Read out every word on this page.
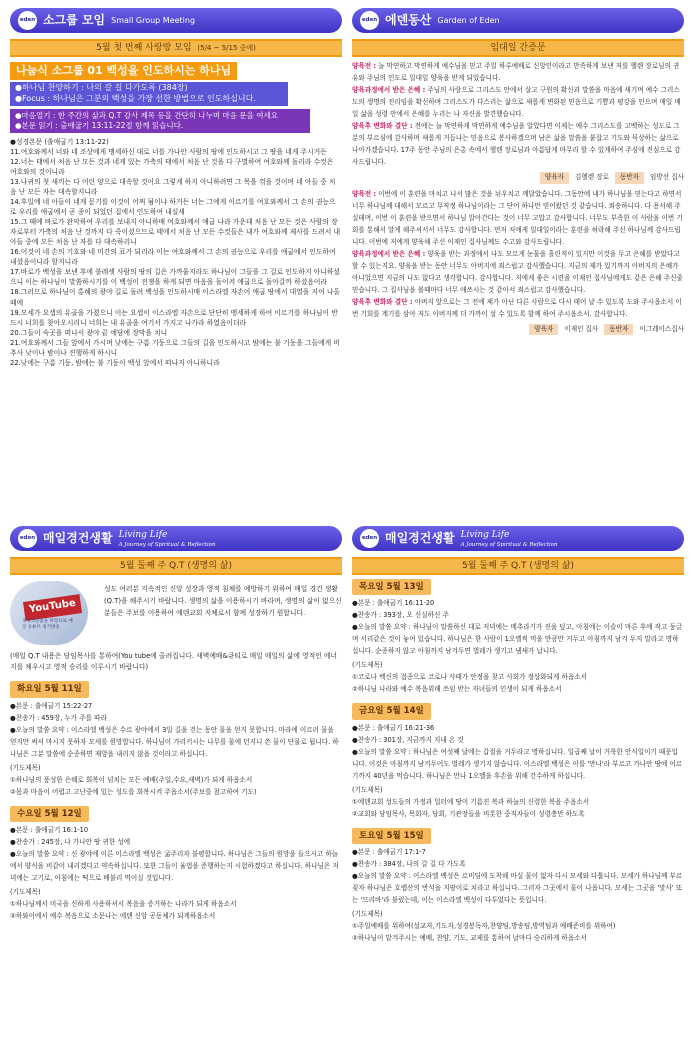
eden 소그룹 모임 Small Group Meeting
5월 첫 번째 사랑방 모임 (5/4 ~ 5/15 중에)
나눔식 소그룹 01 백성을 인도하시는 하나님
●하나님 찬양하기 : 나의 갈 길 다가도록 (384장)
●Focus : 하나님은 그분의 백성을 가장 선한 방법으로 인도하십니다.
●마음열기 : 한 주간의 삶과 Q.T 감사 제목 등을 간단히 나누며 마음 문을 여세요
●본문 읽기 : 출애굽기 13:11-22절 함께 읽습니다.

●성경본문 (출애굽기 13:11-22)

11.여호와께서 너와 네 조상에게 맹세하신 대로 너를 가나안 사람의 땅에 인도하시고 그 땅을 네게 주시거든

12.너는 태에서 처음 난 모든 것과 네게 있는 가축의 태에서 처음 난 것을 다 구별하여 여호와께 돌리라 수컷은 여호와의 것이니라

13.나귀의 첫 새끼는 다 어린 양으로 대속할 것이요 그렇게 하지 아니하려면 그 목을 꺾을 것이며 네 아들 중 처음 난 모든 자는 대속할지니라

14.후일에 네 아들이 네게 묻기를 이것이 어찌 됨이냐 하거든 너는 그에게 이르기를 여호와께서 그 손의 권능으로 우리를 애굽에서 곧 종이 되었던 집에서 인도하여 내실새

15.그 때에 바로가 완악하여 우리를 보내지 아니하매 여호와께서 애굽 나라 가운데 처음 난 모든 것은 사람의 장자로부터 가축의 처음 난 것까지 다 죽이셨으므로 태에서 처음 난 모든 수컷들은 내가 여호와께 제사를 드려서 내 아들 중에 모든 처음 난 자를 다 대속하리니

16.이것이 네 손의 기호와 네 미간의 표가 되리라 이는 여호와께서 그 손의 권능으로 우리를 애굽에서 인도하여 내셨음이니라 할지니라

17.바로가 백성을 보낸 후에 블레셋 사람의 땅의 길은 가까울지라도 하나님이 그들을 그 길로 인도하지 아니하셨으니 이는 하나님이 말씀하시기를 이 백성이 전쟁을 하게 되면 마음을 돌이켜 애굽으로 돌아갈까 하셨음이라

18.그러므로 하나님이 홍해의 광야 길로 돌려 백성을 인도하시매 이스라엘 자손이 애굽 땅에서 대열을 지어 나올 때에

19.모세가 요셉의 유골을 가졌으니 이는 요셉이 이스라엘 자손으로 단단히 맹세하게 하여 이르기를 하나님이 반드시 너희를 찾아오시리니 너희는 내 유골을 여기서 가지고 나가라 하였음이더라

20.그들이 숙곳을 떠나서 광야 끝 에담에 장막을 치니

21.여호와께서 그들 앞에서 가시며 낮에는 구름 기둥으로 그들의 길을 인도하시고 밤에는 불 기둥을 그들에게 비추사 낮이나 밤이나 진행하게 하시니

22.낮에는 구름 기둥, 밤에는 불 기둥이 백성 앞에서 떠나지 아니하니라

eden 에덴동산 Garden of Eden
임대일 간증문

양육전 : 늘 막연하고 막연하게 예수님을 믿고 주일 하루예배로 신앙인이라고 만족하게 보낸 저를 헬렌 장로님의 권유와 주님의 인도로 일대일 양육을 받게 되었습니다.

양육과정에서 받은 은혜 : 주님의 사랑으로 그리스도 안에서 살고 구원의 확신과 말씀을 마음에 새기며 예수 그리스도의 생명의 진리임을 확신하며 그리스도가 다스리는 삶으로 새롭게 변화된 믿음으로 기쁨과 평강을 인으며 매일 매일 삶을 성령 안에서 은혜를 누리는 나 자신을 발견했습니다.

양육후 변화와 결단 : 전에는 늘 막연하게 막연하게 예수님을 알았다면 이제는 예수 그리스도를 고백하는 성도로 그분의 부르심에 감사하며 새롭게 거듭나는 믿음으로 봉사하겠으며 남은 삶을 말씀을 붙잡고 기도와 묵상하는 삶으로 나아가겠습니다. 17주 동안 주님의 은총 속에서 헬렌 장로님과 아름답게 마무리 할 수 있게하여 주심에 진심으로 감사드립니다.

양육자	김헬렌 장로	동반자	임방선 집사

양육전 : 이번에 이 훈련을 마치고 나서 많은 것을 뉘우치고 깨달았습니다. 그동안에 내가 하나님을 믿는다고 하면서 너무 하나님께 대해서 모르고 무작정 하나님이라는 그 단어 하나만 믿어왔던 것 같습니다. 죄송하니다. 다 용서해 주실테며, 이번 이 훈련을 받으면서 하나님 알아간다는 것이 너무 고맙고 감사합니다. 너무도 부족한 이 사람을 이번 기회를 통해서 알게 해주셔서서 너무도 감사합니다. 먼저 저에게 일대일이라는 훈련을 허락해 주신 하나님께 감사드립니다. 이번에 저에게 양육해 주신 이재인 집사님께도 수고와 감사드립니다.

양육과정에서 받은 은혜 : 양육을 받는 과정에서 나도 모르게 눈물을 흘린적이 있지만 이것을 두고 은혜를 받았다고 할 수 있는지요. 양육을 받는 동안 너무도 아버지에 죄스럽고 감사했습니다. 지금의 제가 있기까지 아버지의 은혜가 아니었으면 지금의 나도 없다고 생각합니다. 감사합니다. 저에게 좋은 시련을 이재인 집사님에게도 같은 은혜 주신줄 믿습니다. 그 집사님을 볼때마다 너무 애쓰시는 것 같아서 죄스럽고 감사했습니다.

양육후 변화와 결단 : 아버지 앞으로는 그 전에 제가 아닌 다른 사람으로 다시 태어 날 수 있도록 도와 주시옵소서 이번 기회를 계기를 삼아 저도 아버지께 더 가까이 설 수 있도록 함께 하여 주시옵소서. 감사합니다.

양육자	이재인 집사	동반자	이그레이스집사
eden 매일경건생활 Living Life
A Journey of Spiritual & Reflection
5월 둘째 주 Q.T (생명의 삶)
YouTube
생명의말씀을 바탕으로 매일 유튜브 정기방송
성도 여러분 지속적인 신앙 성장과 영적 침체를 예방하기 위하여 매일 경건 생활(Q.T)을 해주시기 바랍니다. 생명의 삶을 이용하시기 바라며, 생명의 삶이 없으신 분들은 주보를 이용하여 에덴교회 지체로서 함께 성장하기 원합니다.
(매일 Q.T 내용은 담임목사를 통하여(You tube에 올려집니다. 새벽예배&큐티로 매일 매일의 삶에 영적인 에너지를 채우시고 영적 승리를 이루시기 바랍니다)
화요일 5월 11일
●본문 : 출애굽기 15:22-27
●찬송가 : 459장, 누가 주를 따라
●오늘의 말씀 요약 : 이스라엘 백성은 수르 광야에서 3일 길을 걷는 동안 물을 얻지 못합니다. 마라에 이르러 물을 얻지만 써서 마시지 못하자 모세를 원망합니다. 하나님이 가리키시는 나무를 물에 던지니 쓴 물이 단물로 됩니다. 하나님은 그분 말씀에 순종하면 재앙을 내리지 않을 것이라고 하십니다.
(기도제목)
①하나님의 풍성한 은혜로 회복이 넘치는 모든 예배(주일,수요,새벽)가 되게 하옵소서
②몸과 마음이 어렵고 고난중에 있는 성도를 회복시켜 주옵소서(주보를 참고하여 기도)
수요일 5월 12일
●본문 : 출애굽기 16:1-10
●찬송가 : 245장, 나 가나안 땅 귀한 성에
●오늘의 말씀 요약 : 신 광야에 이른 이스라엘 백성은 굶주리자 불평합니다. 하나님은 그들의 원망을 들으시고 하늘에서 양식을 비같이 내리겠다고 약속하십니다. 또한 그들이 율법을 준행하는지 시험하겠다고 하십니다. 하나님은 저녁에는 고기로, 아침에는 떡으로 배불리 먹이실 것입니다.
(기도제목)
①하나님께서 미국을 신하게 사용하셔서 복음을 증거하는 나라가 되게 하옵소서
②하와이에서 예수 복음으로 소문나는 에덴 신앙 공동체가 되게하옵소서
eden 매일경건생활 Living Life
A Journey of Spiritual & Reflection
5월 둘째 주 Q.T (생명의 삶)
목요일 5월 13일
●본문 : 출애굽기 16:11-20
●찬송가 : 393장, 오 신실하신 주
●오늘의 말씀 요약 : 하나님이 말씀하신 대로 저녁에는 메추라기가 진을 덮고, 아침에는 이슬이 마른 후에 작고 둥글며 서리같은 것이 놓여 있습니다. 하나님은 한 사람이 1오멜씩 먹을 만큼만 거두고 아침까지 남겨 두지 말라고 명하십니다. 순종하지 않고 아침까지 남겨두면 벌레가 생기고 냄새가 납니다.
(기도제목)
①코로나 백신의 접종으로 코로나 사태가 안정을 찾고 사회가 정상화되게 하옵소서
②하나님 나라와 예수 복음위해 쓰임 받는 자녀들의 인생이 되게 하옵소서
금요일 5월 14일
●본문 : 출애굽기 16:21-36
●찬송가 : 301장, 지금까지 지내 온 것
●오늘의 말씀 요약 : 하나님은 여섯째 날에는 갑절을 거두라고 명하십니다. 일곱째 날이 거룩한 안식일이기 때문입니다. 이것은 아침까지 남겨두어도 벌레가 생기지 않습니다. 이스라엘 백성은 이를 '만나'라 부르고 가나안 땅에 이르기까지 40년을 먹습니다. 하나님은 만나 1오멜을 후손을 위해 간수하게 하십니다.
(기도제목)
①에덴교회 성도들의 가정과 일터에 땅이 기름진 복과 하늘의 신령한 복을 주옵소서
②교회와 담임목사, 목회자, 당회, 기관장들을 비롯한 중직자들이 성령충만 하도록
토요일 5월 15일
●본문 : 출애굽기 17:1-7
●찬송가 : 384장, 나의 갈 길 다 가도록
●오늘의 말씀 요약 : 이스라엘 백성은 르비딤에 도착해 마실 물이 없자 다시 모세와 다툽니다. 모세가 하나님께 부르짖자 하나님은 호렙산의 반석을 지팡이로 치라고 하십니다. 그러자 그곳에서 물이 나옵니다. 모세는 그곳을 '맛사' 또는 '므리바'라 불렀는데, 이는 이스라엘 백성이 다투었다는 뜻입니다.
(기도제목)
①주일예배를 위하여(설교자,기도자,성경봉독자,찬양팀,방송팀,방역팀과 예배준비를 위하여)
②하나님이 맡겨주시는 예배, 찬양, 기도, 교제를 통하여 날마다 승리하게 하옵소서
